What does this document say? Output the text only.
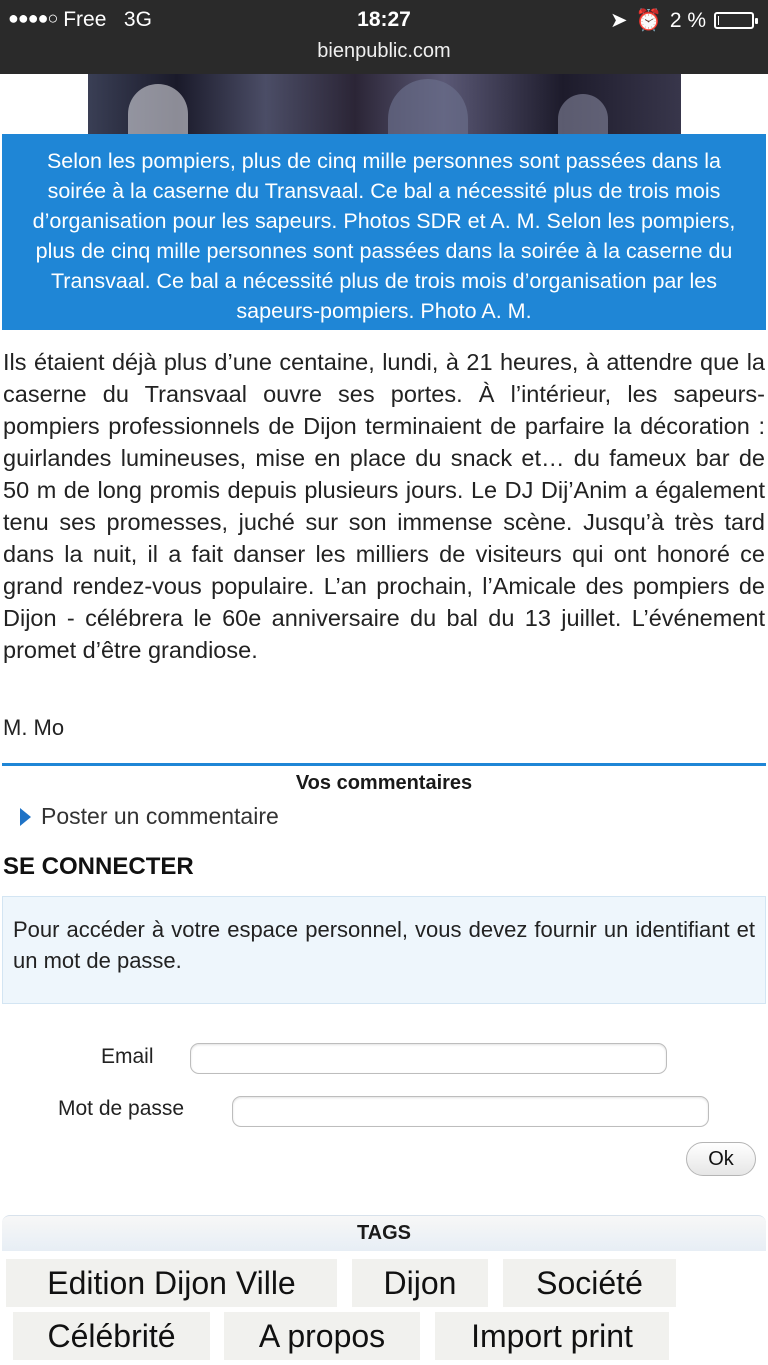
●●●●○ Free 3G	18:27
bienpublic.com
➤ ⏰ 2 %
Selon les pompiers, plus de cinq mille personnes sont passées dans la soirée à la caserne du Transvaal. Ce bal a nécessité plus de trois mois d’organisation pour les sapeurs. Photos SDR et A. M. Selon les pompiers, plus de cinq mille personnes sont passées dans la soirée à la caserne du Transvaal. Ce bal a nécessité plus de trois mois d’organisation par les sapeurs-pompiers. Photo A. M.
Ils étaient déjà plus d’une centaine, lundi, à 21 heures, à attendre que la caserne du Transvaal ouvre ses portes. À l’intérieur, les sapeurs-pompiers professionnels de Dijon terminaient de parfaire la décoration : guirlandes lumineuses, mise en place du snack et… du fameux bar de 50 m de long promis depuis plusieurs jours. Le DJ Dij’Anim a également tenu ses promesses, juché sur son immense scène. Jusqu’à très tard dans la nuit, il a fait danser les milliers de visiteurs qui ont honoré ce grand rendez-vous populaire. L’an prochain, l’Amicale des pompiers de Dijon - célébrera le 60e anniversaire du bal du 13 juillet. L’événement promet d’être grandiose.
M. Mo
Vos commentaires
Poster un commentaire
SE CONNECTER
Pour accéder à votre espace personnel, vous devez fournir un identifiant et un mot de passe.
Email
Mot de passe
Ok
TAGS
Edition Dijon Ville	Dijon	Société
Célébrité	A propos	Import print
